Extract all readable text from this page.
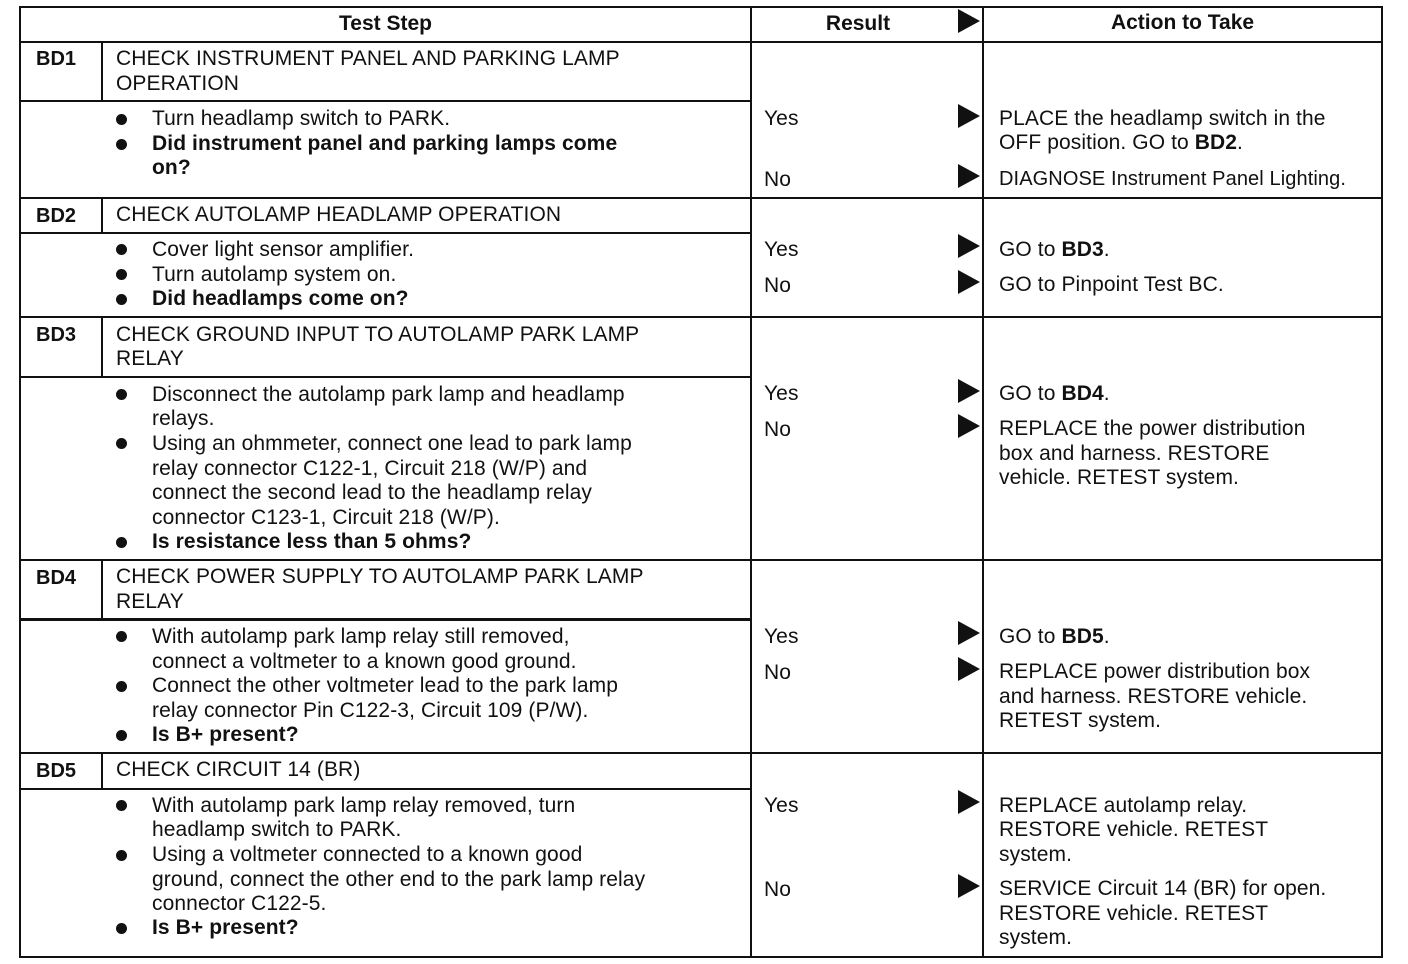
Test Step	Result	Action to Take
BD1 CHECK INSTRUMENT PANEL AND PARKING LAMP
OPERATION
Turn headlamp switch to PARK.
Did instrument panel and parking lamps come
on?
Yes	PLACE the headlamp switch in the
OFF position. GO to BD2.
No	DIAGNOSE Instrument Panel Lighting.
BD2 CHECK AUTOLAMP HEADLAMP OPERATION
Cover light sensor amplifier.
Turn autolamp system on.
Did headlamps come on?
Yes	GO to BD3.
No	GO to Pinpoint Test BC.
BD3 CHECK GROUND INPUT TO AUTOLAMP PARK LAMP
RELAY
Disconnect the autolamp park lamp and headlamp
relays.
Using an ohmmeter, connect one lead to park lamp
relay connector C122-1, Circuit 218 (W/P) and
connect the second lead to the headlamp relay
connector C123-1, Circuit 218 (W/P).
Is resistance less than 5 ohms?
Yes	GO to BD4.
No	REPLACE the power distribution
box and harness. RESTORE
vehicle. RETEST system.
BD4 CHECK POWER SUPPLY TO AUTOLAMP PARK LAMP
RELAY
With autolamp park lamp relay still removed,
connect a voltmeter to a known good ground.
Connect the other voltmeter lead to the park lamp
relay connector Pin C122-3, Circuit 109 (P/W).
Is B+ present?
Yes	GO to BD5.
No	REPLACE power distribution box
and harness. RESTORE vehicle.
RETEST system.
BD5 CHECK CIRCUIT 14 (BR)
With autolamp park lamp relay removed, turn
headlamp switch to PARK.
Using a voltmeter connected to a known good
ground, connect the other end to the park lamp relay
connector C122-5.
Is B+ present?
Yes	REPLACE autolamp relay.
RESTORE vehicle. RETEST
system.
No	SERVICE Circuit 14 (BR) for open.
RESTORE vehicle. RETEST
system.
